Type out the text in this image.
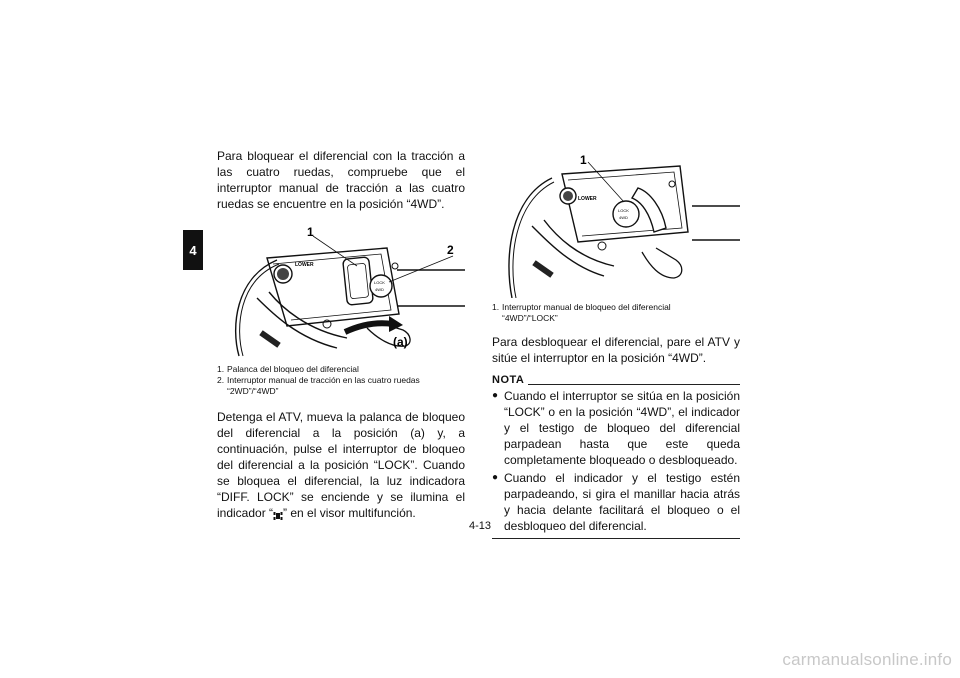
4

Para bloquear el diferencial con la tracción a las cuatro ruedas, compruebe que el interruptor manual de tracción a las cuatro ruedas se encuentre en la posición “4WD”.

LOWER
LOCK
4WD
1
2
(a)

1. Palanca del bloqueo del diferencial

2. Interruptor manual de tracción en las cuatro ruedas
“2WD”/“4WD”

Detenga el ATV, mueva la palanca de bloqueo del diferencial a la posición (a) y, a continuación, pulse el interruptor de bloqueo del diferencial a la posición “LOCK”. Cuando se bloquea el diferencial, la luz indicadora “DIFF. LOCK” se enciende y se ilumina el indicador “ ” en el visor multifunción.

LOWER
LOCK
4WD
1

1. Interruptor manual de bloqueo del diferencial
“4WD”/“LOCK”

Para desbloquear el diferencial, pare el ATV y sitúe el interruptor en la posición “4WD”.

NOTA
● Cuando el interruptor se sitúa en la posición “LOCK” o en la posición “4WD”, el indicador y el testigo de bloqueo del diferencial parpadean hasta que este queda completamente bloqueado o desbloqueado.

● Cuando el indicador y el testigo estén parpadeando, si gira el manillar hacia atrás y hacia delante facilitará el bloqueo o el desbloqueo del diferencial.

4-13
carmanualsonline.info
